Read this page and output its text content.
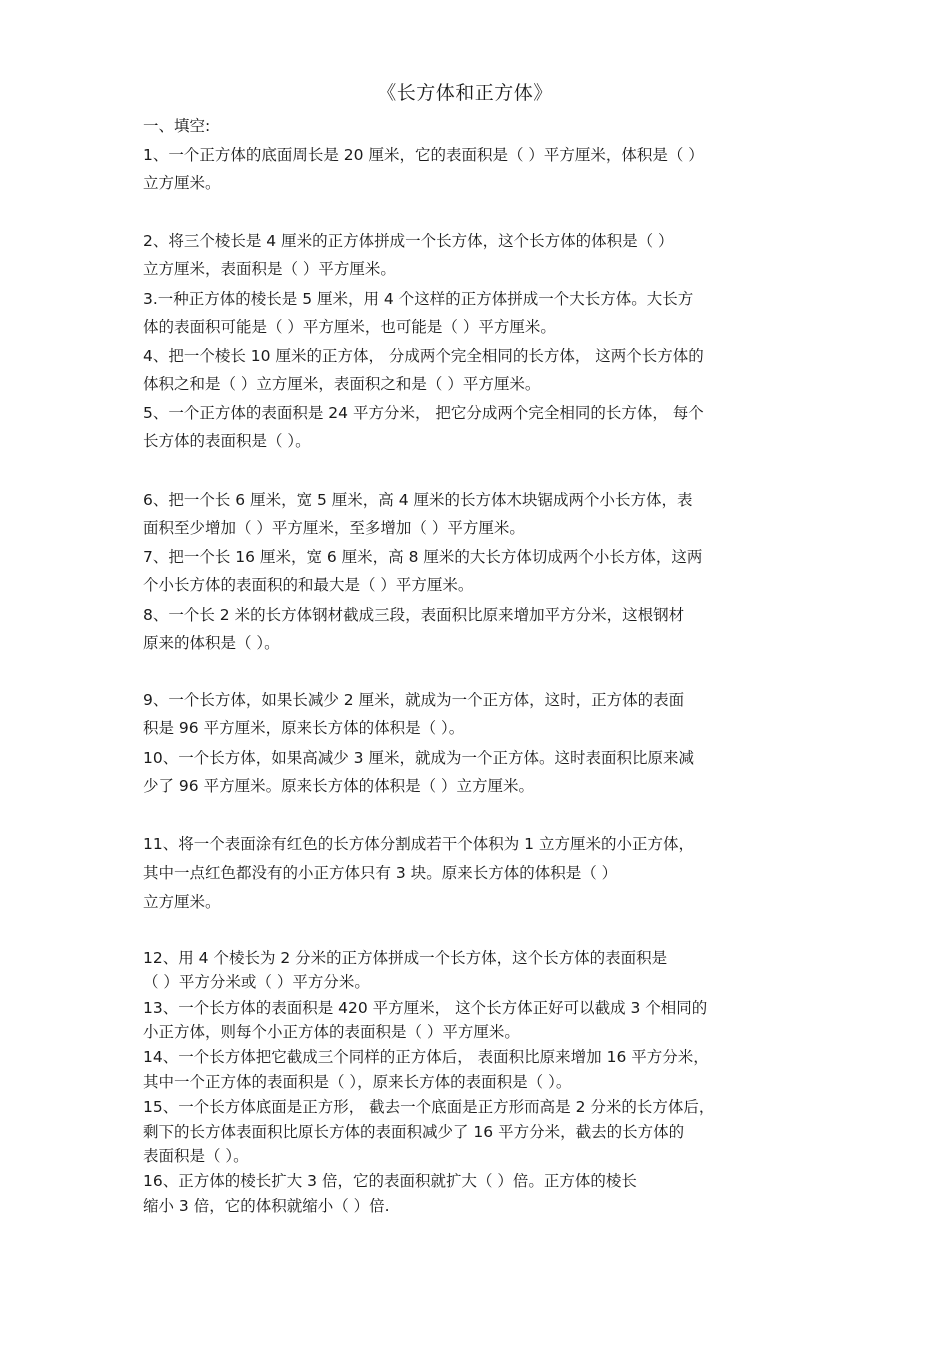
《长方体和正方体》
一、填空:
1、一个正方体的底面周长是 20 厘米，它的表面积是（ ）平方厘米，体积是（ ）
立方厘米。
2、将三个棱长是 4 厘米的正方体拼成一个长方体，这个长方体的体积是（ ）
立方厘米，表面积是（ ）平方厘米。
3.一种正方体的棱长是 5 厘米，用 4 个这样的正方体拼成一个大长方体。大长方
体的表面积可能是（ ）平方厘米，也可能是（ ）平方厘米。
4、把一个棱长 10 厘米的正方体， 分成两个完全相同的长方体， 这两个长方体的
体积之和是（ ）立方厘米，表面积之和是（ ）平方厘米。
5、一个正方体的表面积是 24 平方分米， 把它分成两个完全相同的长方体， 每个
长方体的表面积是（ ）。
6、把一个长 6 厘米，宽 5 厘米，高 4 厘米的长方体木块锯成两个小长方体，表
面积至少增加（ ）平方厘米，至多增加（ ）平方厘米。
7、把一个长 16 厘米，宽 6 厘米，高 8 厘米的大长方体切成两个小长方体，这两
个小长方体的表面积的和最大是（ ）平方厘米。
8、一个长 2 米的长方体钢材截成三段，表面积比原来增加平方分米，这根钢材
原来的体积是（ ）。
9、一个长方体，如果长减少 2 厘米，就成为一个正方体，这时，正方体的表面
积是 96 平方厘米，原来长方体的体积是（ ）。
10、一个长方体，如果高减少 3 厘米，就成为一个正方体。这时表面积比原来减
少了 96 平方厘米。原来长方体的体积是（ ）立方厘米。
11、将一个表面涂有红色的长方体分割成若干个体积为 1 立方厘米的小正方体，
其中一点红色都没有的小正方体只有 3 块。原来长方体的体积是（ ）
立方厘米。
12、用 4 个棱长为 2 分米的正方体拼成一个长方体，这个长方体的表面积是
（ ）平方分米或（ ）平方分米。
13、一个长方体的表面积是 420 平方厘米， 这个长方体正好可以截成 3 个相同的
小正方体，则每个小正方体的表面积是（ ）平方厘米。
14、一个长方体把它截成三个同样的正方体后， 表面积比原来增加 16 平方分米，
其中一个正方体的表面积是（ ），原来长方体的表面积是（ ）。
15、一个长方体底面是正方形， 截去一个底面是正方形而高是 2 分米的长方体后，
剩下的长方体表面积比原长方体的表面积减少了 16 平方分米，截去的长方体的
表面积是（ ）。
16、正方体的棱长扩大 3 倍，它的表面积就扩大（ ）倍。正方体的棱长
缩小 3 倍，它的体积就缩小（ ）倍.
